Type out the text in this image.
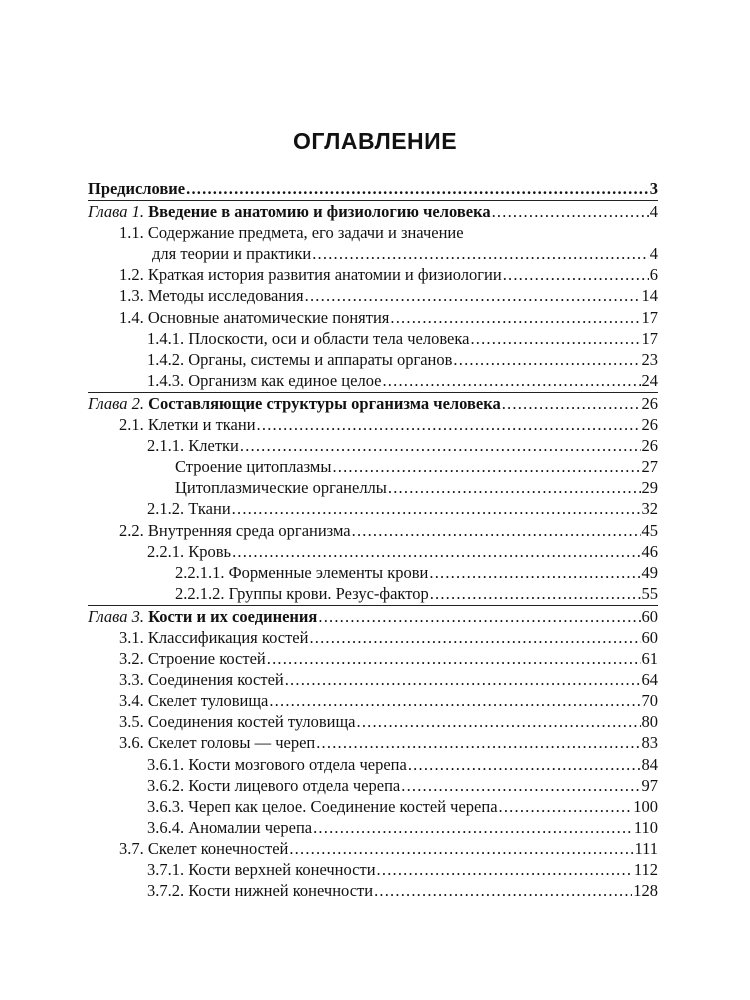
ОГЛАВЛЕНИЕ
Предисловие .....	3
Глава 1. Введение в анатомию и физиологию человека .....	4
1.1. Содержание предмета, его задачи и значение
для теории и практики .....	4
1.2. Краткая история развития анатомии и физиологии .....	6
1.3. Методы исследования .....	14
1.4. Основные анатомические понятия .....	17
1.4.1. Плоскости, оси и области тела человека .....	17
1.4.2. Органы, системы и аппараты органов .....	23
1.4.3. Организм как единое целое .....	24
Глава 2. Составляющие структуры организма человека .....	26
2.1. Клетки и ткани .....	26
2.1.1. Клетки .....	26
Строение цитоплазмы .....	27
Цитоплазмические органеллы .....	29
2.1.2. Ткани .....	32
2.2. Внутренняя среда организма .....	45
2.2.1. Кровь .....	46
2.2.1.1. Форменные элементы крови .....	49
2.2.1.2. Группы крови. Резус-фактор .....	55
Глава 3. Кости и их соединения .....	60
3.1. Классификация костей .....	60
3.2. Строение костей .....	61
3.3. Соединения костей .....	64
3.4. Скелет туловища .....	70
3.5. Соединения костей туловища .....	80
3.6. Скелет головы — череп .....	83
3.6.1. Кости мозгового отдела черепа .....	84
3.6.2. Кости лицевого отдела черепа .....	97
3.6.3. Череп как целое. Соединение костей черепа .....	100
3.6.4. Аномалии черепа .....	110
3.7. Скелет конечностей .....	111
3.7.1. Кости верхней конечности .....	112
3.7.2. Кости нижней конечности .....	128
